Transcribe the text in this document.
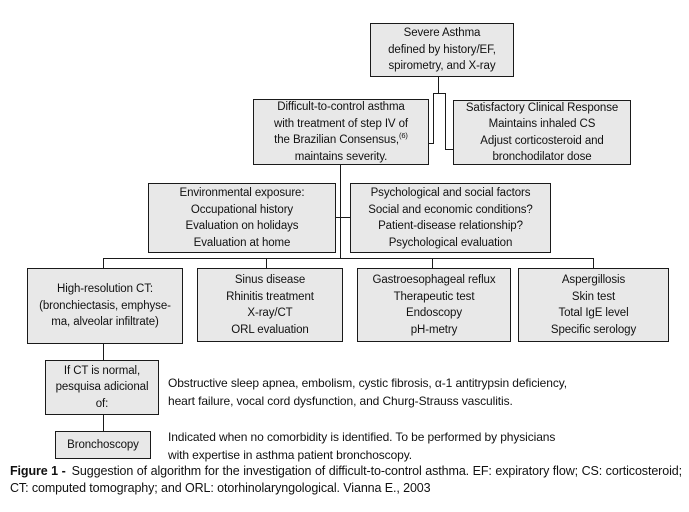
Severe Asthma
defined by history/EF,
spirometry, and X-ray
Difficult-to-control asthma
with treatment of step IV of
the Brazilian Consensus,$^{(6)}$
maintains severity.
Satisfactory Clinical Response
Maintains inhaled CS
Adjust corticosteroid and
bronchodilator dose
Environmental exposure:
Occupational history
Evaluation on holidays
Evaluation at home
Psychological and social factors
Social and economic conditions?
Patient-disease relationship?
Psychological evaluation
High-resolution CT:
(bronchiectasis, emphyse-
ma, alveolar infiltrate)
Sinus disease
Rhinitis treatment
X-ray/CT
ORL evaluation
Gastroesophageal reflux
Therapeutic test
Endoscopy
pH-metry
Aspergillosis
Skin test
Total IgE level
Specific serology
If CT is normal,
pesquisa adicional
of:
Bronchoscopy
Obstructive sleep apnea, embolism, cystic fibrosis, α-1 antitrypsin deficiency,
heart failure, vocal cord dysfunction, and Churg-Strauss vasculitis.
Indicated when no comorbidity is identified. To be performed by physicians
with expertise in asthma patient bronchoscopy.
Figure 1 - Suggestion of algorithm for the investigation of difficult-to-control asthma. EF: expiratory flow; CS: corticosteroid; CT: computed tomography; and ORL: otorhinolaryngological. Vianna E., 2003
